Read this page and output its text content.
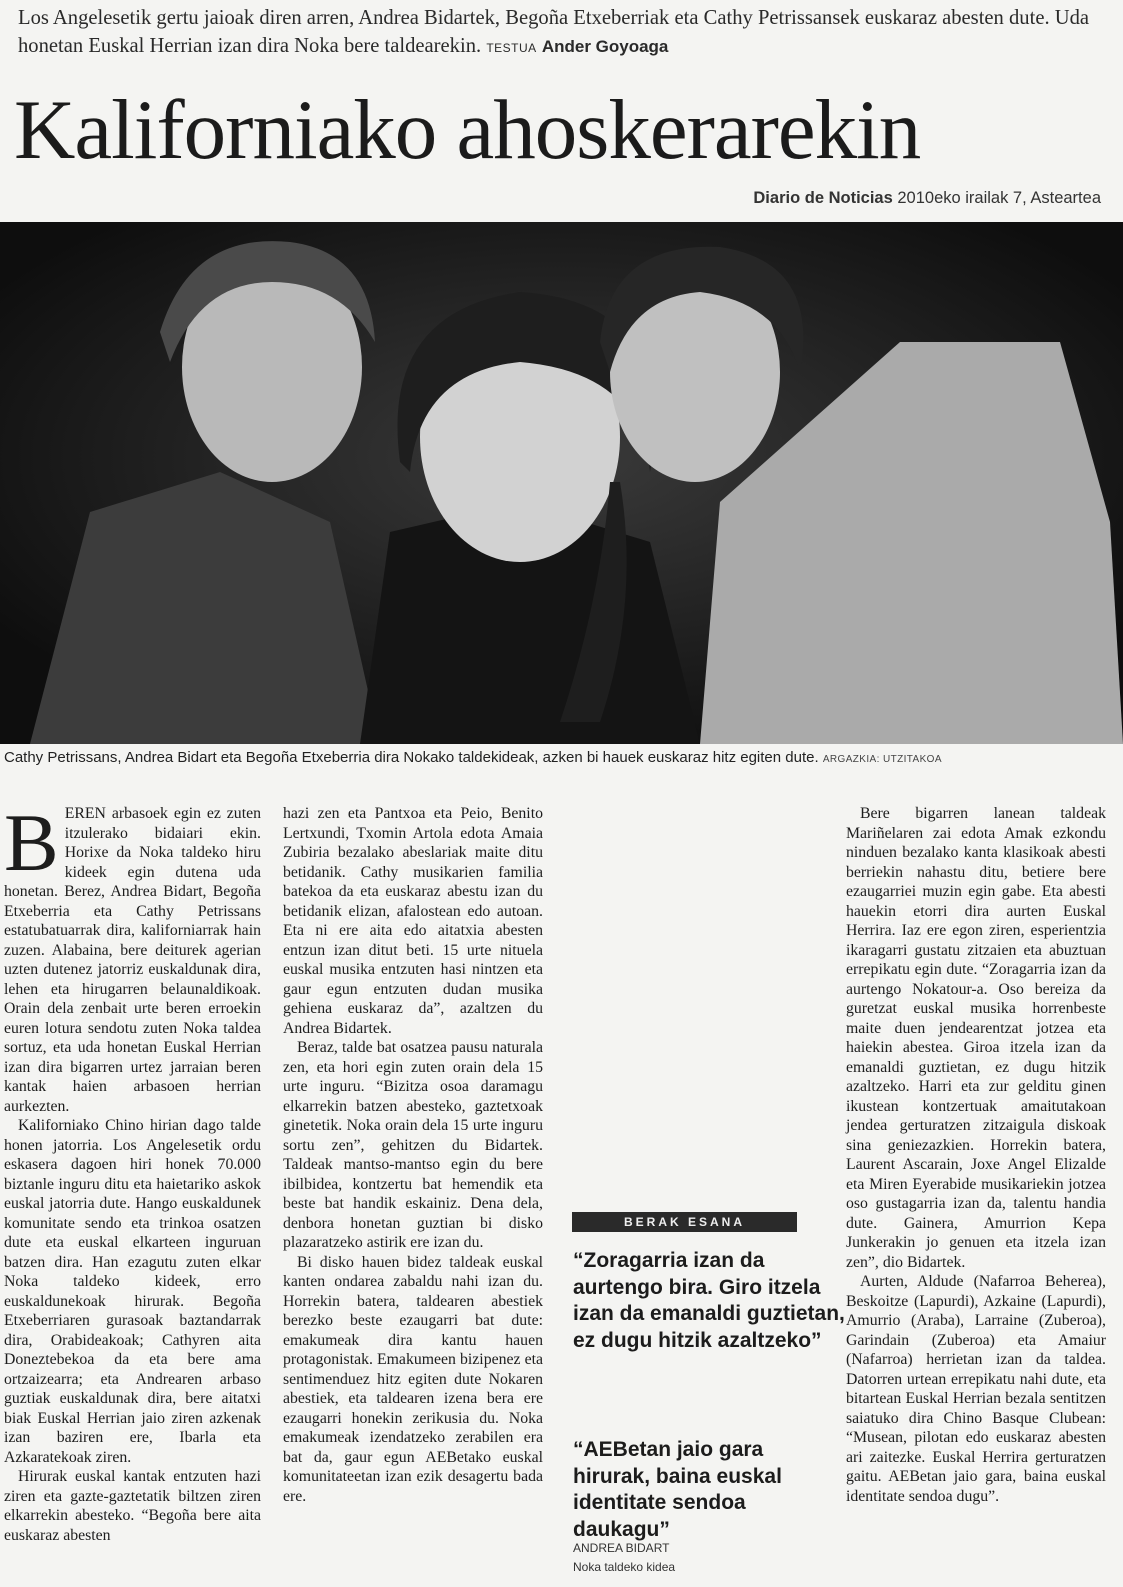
Los Angelesetik gertu jaioak diren arren, Andrea Bidartek, Begoña Etxeberriak eta Cathy Petrissansek euskaraz abesten dute. Uda honetan Euskal Herrian izan dira Noka bere taldearekin. TESTUA Ander Goyoaga
Kaliforniako ahoskerarekin
Diario de Noticias 2010eko irailak 7, Asteartea
Cathy Petrissans, Andrea Bidart eta Begoña Etxeberria dira Nokako taldekideak, azken bi hauek euskaraz hitz egiten dute. ARGAZKIA: UTZITAKOA
B EREN arbasoek egin ez zuten itzulerako bidaiari ekin. Horixe da Noka taldeko hiru kideek egin dutena uda honetan. Berez, Andrea Bidart, Begoña Etxeberria eta Cathy Petrissans estatubatuarrak dira, kaliforniarrak hain zuzen. Alabaina, bere deiturek agerian uzten dutenez jatorriz euskaldunak dira, lehen eta hirugarren belaunaldikoak. Orain dela zenbait urte beren erroekin euren lotura sendotu zuten Noka taldea sortuz, eta uda honetan Euskal Herrian izan dira bigarren urtez jarraian beren kantak haien arbasoen herrian aurkezten.

Kaliforniako Chino hirian dago talde honen jatorria. Los Angelesetik ordu eskasera dagoen hiri honek 70.000 biztanle inguru ditu eta haietariko askok euskal jatorria dute. Hango euskaldunek komunitate sendo eta trinkoa osatzen dute eta euskal elkarteen inguruan batzen dira. Han ezagutu zuten elkar Noka taldeko kideek, erro euskaldunekoak hirurak. Begoña Etxeberriaren gurasoak baztandarrak dira, Orabideakoak; Cathyren aita Doneztebekoa da eta bere ama ortzaizearra; eta Andrearen arbaso guztiak euskaldunak dira, bere aitatxi biak Euskal Herrian jaio ziren azkenak izan baziren ere, Ibarla eta Azkaratekoak ziren.

Hirurak euskal kantak entzuten hazi ziren eta gazte-gaztetatik biltzen ziren elkarrekin abesteko. “Begoña bere aita euskaraz abesten

hazi zen eta Pantxoa eta Peio, Benito Lertxundi, Txomin Artola edota Amaia Zubiria bezalako abeslariak maite ditu betidanik. Cathy musikarien familia batekoa da eta euskaraz abestu izan du betidanik elizan, afalostean edo autoan. Eta ni ere aita edo aitatxia abesten entzun izan ditut beti. 15 urte nituela euskal musika entzuten hasi nintzen eta gaur egun entzuten dudan musika gehiena euskaraz da”, azaltzen du Andrea Bidartek.

Beraz, talde bat osatzea pausu naturala zen, eta hori egin zuten orain dela 15 urte inguru. “Bizitza osoa daramagu elkarrekin batzen abesteko, gaztetxoak ginetetik. Noka orain dela 15 urte inguru sortu zen”, gehitzen du Bidartek. Taldeak mantso-mantso egin du bere ibilbidea, kontzertu bat hemendik eta beste bat handik eskainiz. Dena dela, denbora honetan guztian bi disko plazaratzeko astirik ere izan du.

Bi disko hauen bidez taldeak euskal kanten ondarea zabaldu nahi izan du. Horrekin batera, taldearen abestiek berezko beste ezaugarri bat dute: emakumeak dira kantu hauen protagonistak. Emakumeen bizipenez eta sentimenduez hitz egiten dute Nokaren abestiek, eta taldearen izena bera ere ezaugarri honekin zerikusia du. Noka emakumeak izendatzeko zerabilen era bat da, gaur egun AEBetako euskal komunitateetan izan ezik desagertu bada ere.

BERAK ESANA
“Zoragarria izan da aurtengo bira. Giro itzela izan da emanaldi guztietan, ez dugu hitzik azaltzeko”
“AEBetan jaio gara hirurak, baina euskal identitate sendoa daukagu”
ANDREA BIDART
Noka taldeko kidea

Bere bigarren lanean taldeak Mariñelaren zai edota Amak ezkondu ninduen bezalako kanta klasikoak abesti berriekin nahastu ditu, betiere bere ezaugarriei muzin egin gabe. Eta abesti hauekin etorri dira aurten Euskal Herrira. Iaz ere egon ziren, esperientzia ikaragarri gustatu zitzaien eta abuztuan errepikatu egin dute. “Zoragarria izan da aurtengo Nokatour-a. Oso bereiza da guretzat euskal musika horrenbeste maite duen jendearentzat jotzea eta haiekin abestea. Giroa itzela izan da emanaldi guztietan, ez dugu hitzik azaltzeko. Harri eta zur gelditu ginen ikustean kontzertuak amaitutakoan jendea gerturatzen zitzaigula diskoak sina geniezazkien. Horrekin batera, Laurent Ascarain, Joxe Angel Elizalde eta Miren Eyerabide musikariekin jotzea oso gustagarria izan da, talentu handia dute. Gainera, Amurrion Kepa Junkerakin jo genuen eta itzela izan zen”, dio Bidartek.

Aurten, Aldude (Nafarroa Beherea), Beskoitze (Lapurdi), Azkaine (Lapurdi), Amurrio (Araba), Larraine (Zuberoa), Garindain (Zuberoa) eta Amaiur (Nafarroa) herrietan izan da taldea. Datorren urtean errepikatu nahi dute, eta bitartean Euskal Herrian bezala sentitzen saiatuko dira Chino Basque Clubean: “Musean, pilotan edo euskaraz abesten ari zaitezke. Euskal Herrira gerturatzen gaitu. AEBetan jaio gara, baina euskal identitate sendoa dugu”.
